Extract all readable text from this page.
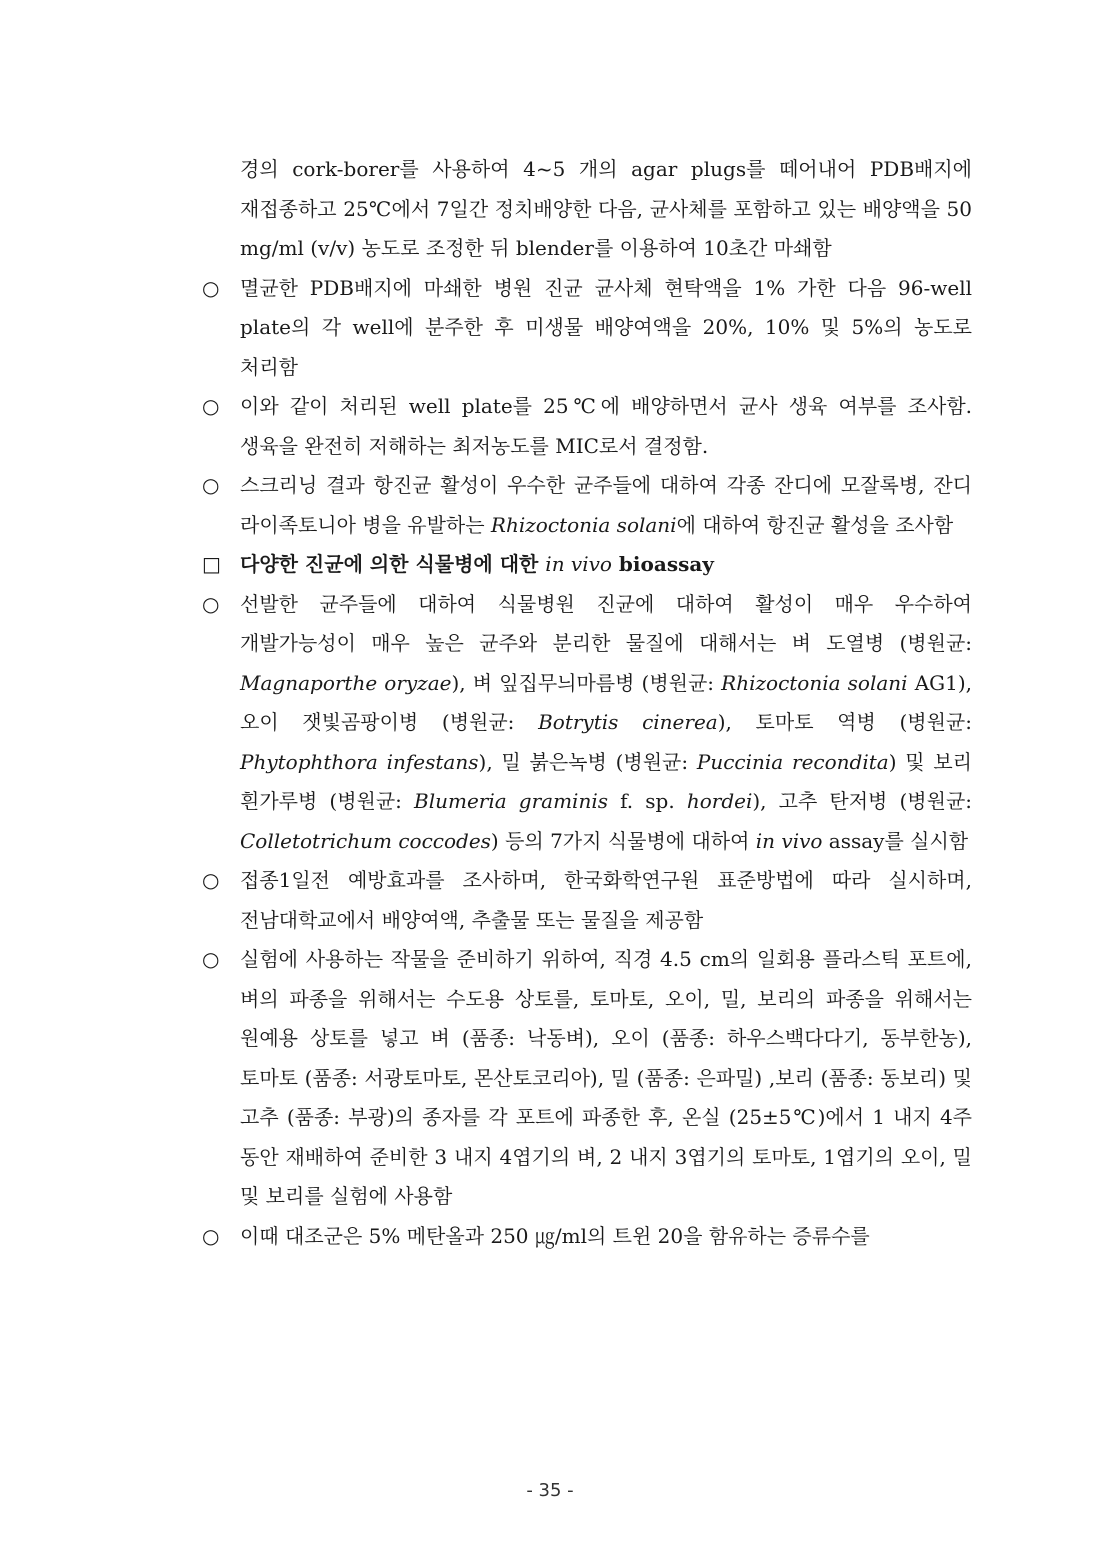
경의 cork-borer를 사용하여 4~5 개의 agar plugs를 떼어내어 PDB배지에 재접종하고 25℃에서 7일간 정치배양한 다음, 균사체를 포함하고 있는 배양액을 50 mg/ml (v/v) 농도로 조정한 뒤 blender를 이용하여 10초간 마쇄함
○	멸균한 PDB배지에 마쇄한 병원 진균 균사체 현탁액을 1% 가한 다음 96-well plate의 각 well에 분주한 후 미생물 배양여액을 20%, 10% 및 5%의 농도로 처리함
○	이와 같이 처리된 well plate를 25℃에 배양하면서 균사 생육 여부를 조사함. 생육을 완전히 저해하는 최저농도를 MIC로서 결정함.
○	스크리닝 결과 항진균 활성이 우수한 균주들에 대하여 각종 잔디에 모잘록병, 잔디 라이족토니아 병을 유발하는 Rhizoctonia solani에 대하여 항진균 활성을 조사함
□ 다양한 진균에 의한 식물병에 대한 in vivo bioassay
○	선발한 균주들에 대하여 식물병원 진균에 대하여 활성이 매우 우수하여 개발가능성이 매우 높은 균주와 분리한 물질에 대해서는 벼 도열병 (병원균: Magnaporthe oryzae), 벼 잎집무늬마름병 (병원균: Rhizoctonia solani AG1), 오이 잿빛곰팡이병 (병원균: Botrytis cinerea), 토마토 역병 (병원균: Phytophthora infestans), 밀 붉은녹병 (병원균: Puccinia recondita) 및 보리 흰가루병 (병원균: Blumeria graminis f. sp. hordei), 고추 탄저병 (병원균: Colletotrichum coccodes) 등의 7가지 식물병에 대하여 in vivo assay를 실시함
○	접종1일전 예방효과를 조사하며, 한국화학연구원 표준방법에 따라 실시하며, 전남대학교에서 배양여액, 추출물 또는 물질을 제공함
○	실험에 사용하는 작물을 준비하기 위하여, 직경 4.5 cm의 일회용 플라스틱 포트에, 벼의 파종을 위해서는 수도용 상토를, 토마토, 오이, 밀, 보리의 파종을 위해서는 원예용 상토를 넣고 벼 (품종: 낙동벼), 오이 (품종: 하우스백다다기, 동부한농), 토마토 (품종: 서광토마토, 몬산토코리아), 밀 (품종: 은파밀) ,보리 (품종: 동보리) 및 고추 (품종: 부광)의 종자를 각 포트에 파종한 후, 온실 (25±5℃)에서 1 내지 4주 동안 재배하여 준비한 3 내지 4엽기의 벼, 2 내지 3엽기의 토마토, 1엽기의 오이, 밀 및 보리를 실험에 사용함
○	이때 대조군은 5% 메탄올과 250 ㎍/ml의 트윈 20을 함유하는 증류수를
- 35 -
